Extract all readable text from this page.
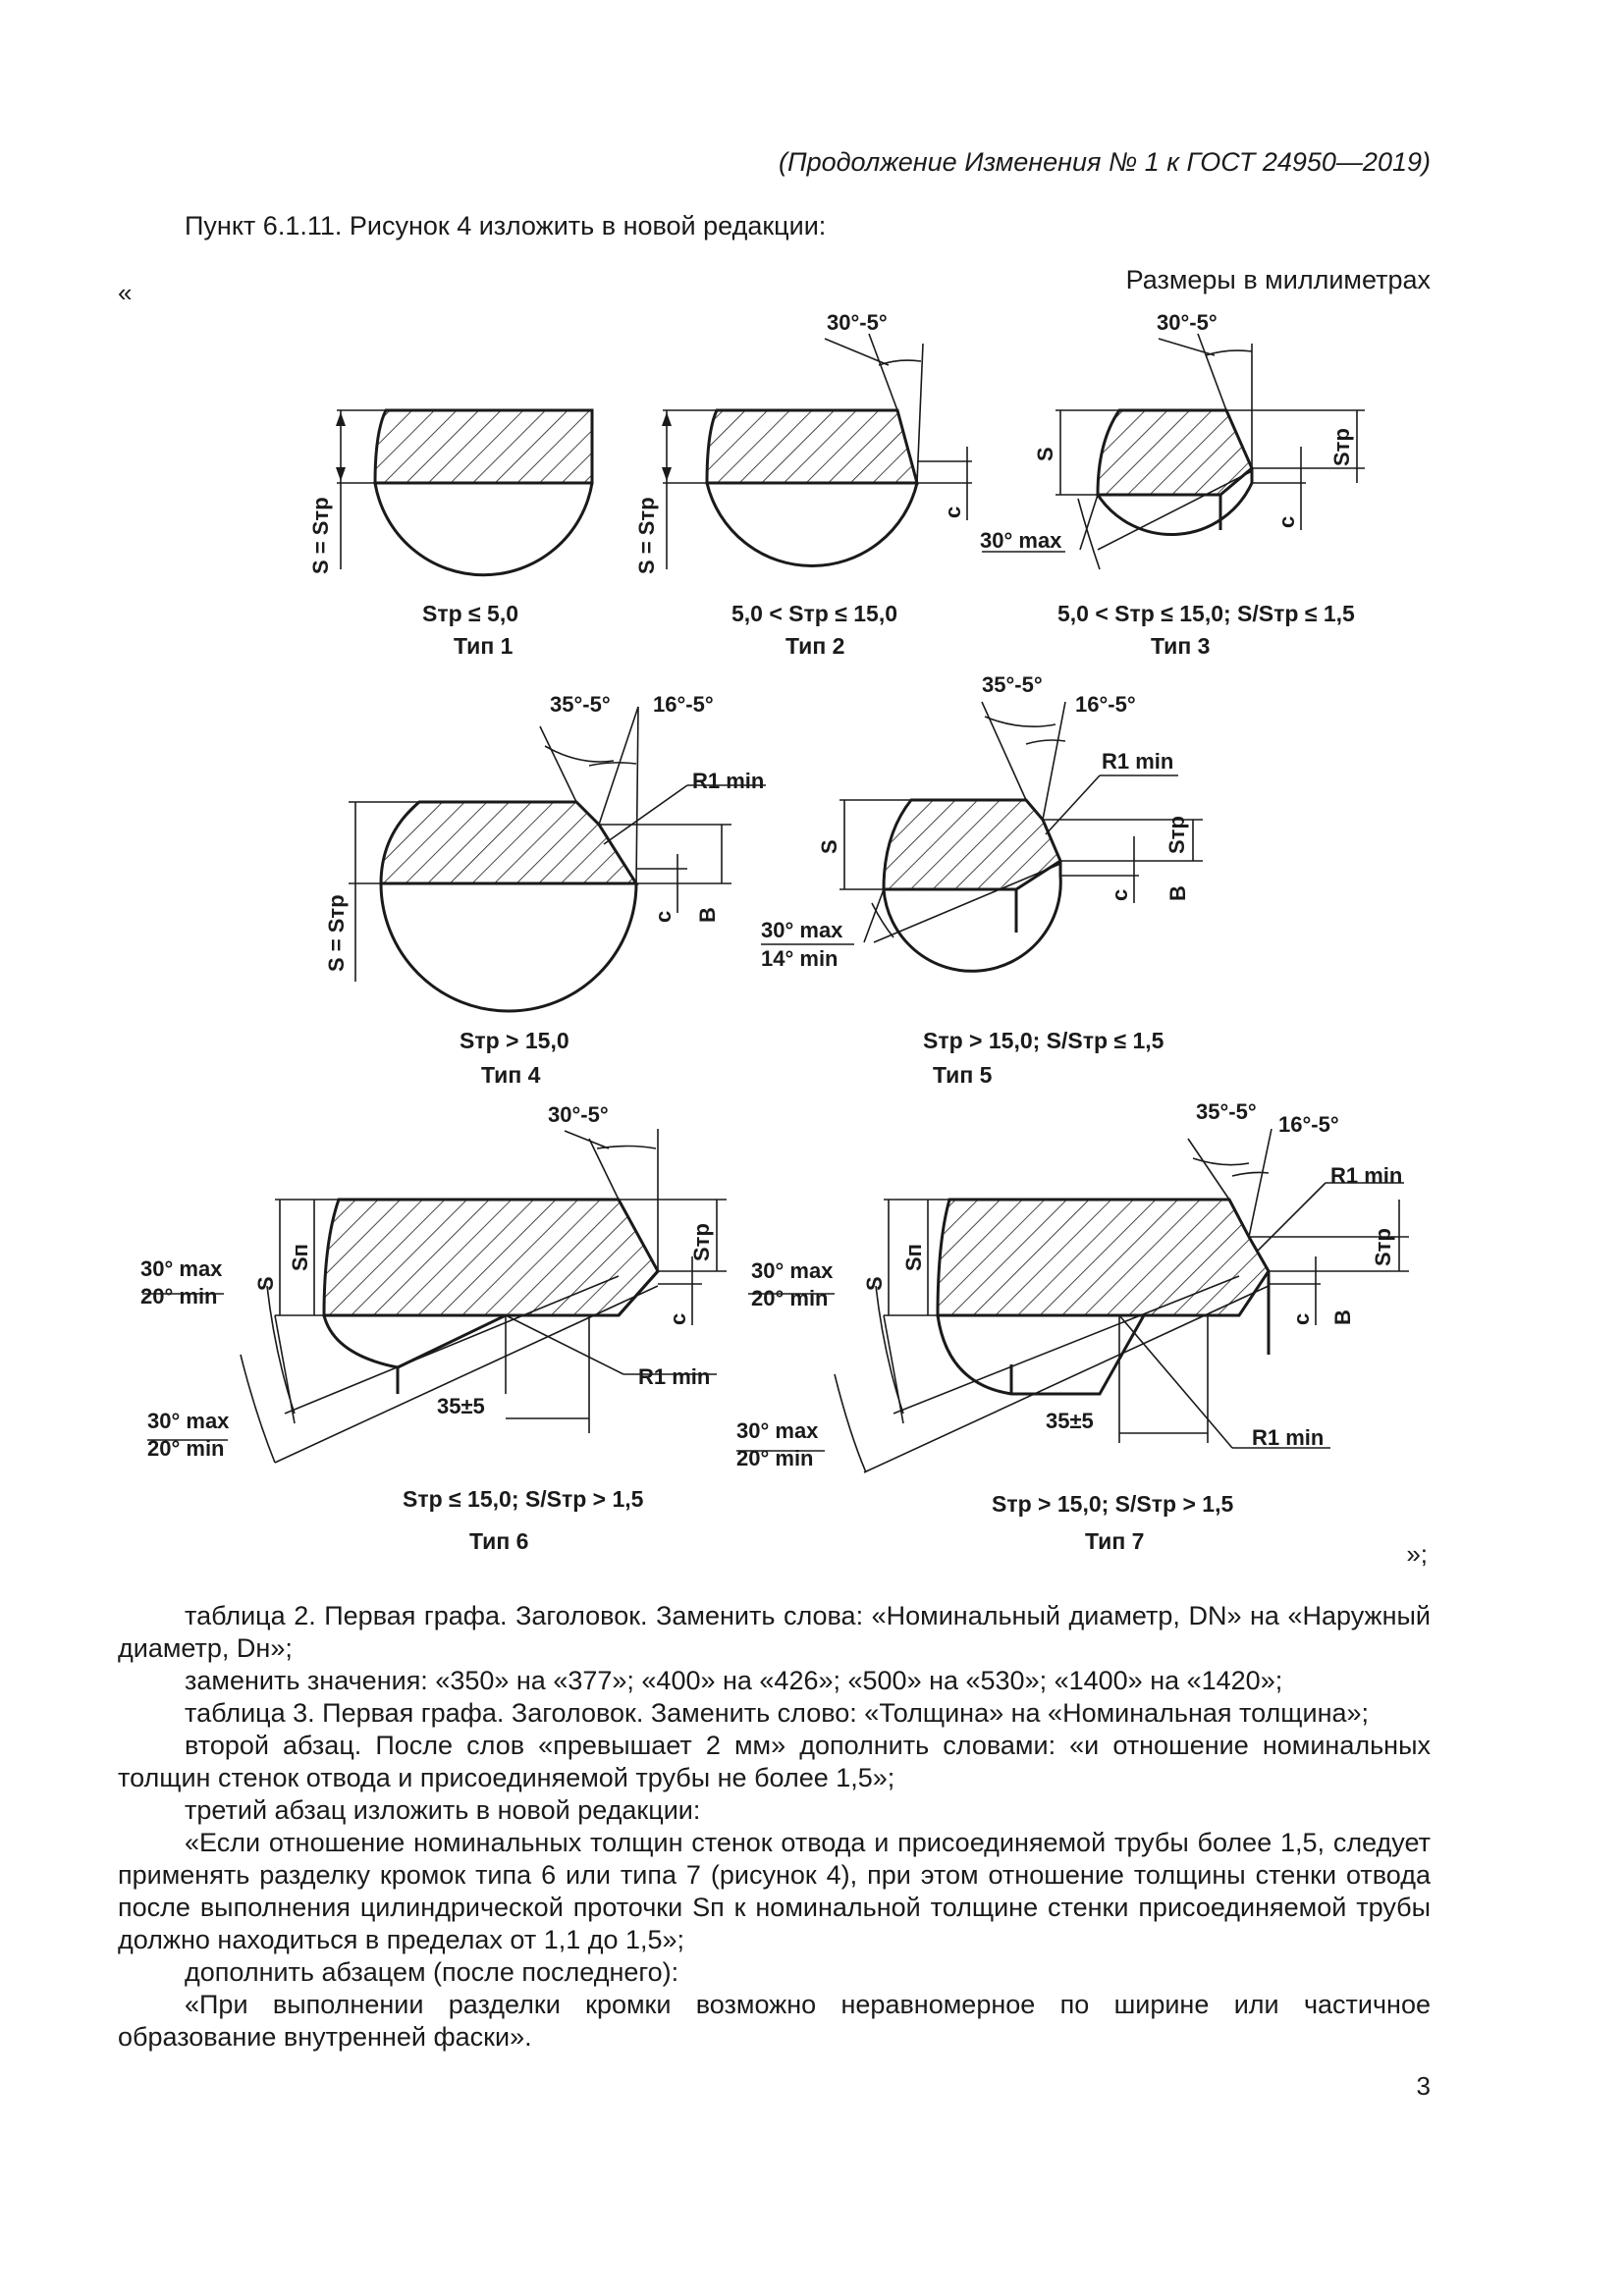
(Продолжение Изменения № 1 к ГОСТ 24950—2019)
Пункт 6.1.11. Рисунок 4 изложить в новой редакции:
«	Размеры в миллиметрах
S = Sтр
Sтр ≤ 5,0
Тип 1
30°-5°
c
S = Sтр
5,0 < Sтр ≤ 15,0
Тип 2
30°-5°
S	Sтр
c
30° max
5,0 < Sтр ≤ 15,0; S/Sтр ≤ 1,5
Тип 3
35°-5° 16°-5°
R1 min
c B
S = Sтр
Sтр > 15,0
Тип 4
35°-5°
16°-5°
R1 min
S	Sтр
c B
30° max
14° min
Sтр > 15,0; S/Sтр ≤ 1,5
Тип 5
30°-5°
S
Sп	Sтр
c
30° max
20° min
30° max
20° min
R1 min
35±5
Sтр ≤ 15,0; S/Sтр > 1,5
Тип 6
35°-5°
16°-5°
R1 min
S
Sп	Sтр
c B
30° max
20° min
30° max
20° min
R1 min
35±5
Sтр > 15,0; S/Sтр > 1,5
Тип 7	»;

таблица 2. Первая графа. Заголовок. Заменить слова: «Номинальный диаметр, DN» на «Наружный диаметр, Dн»;

заменить значения: «350» на «377»; «400» на «426»; «500» на «530»; «1400» на «1420»;

таблица 3. Первая графа. Заголовок. Заменить слово: «Толщина» на «Номинальная толщина»;

второй абзац. После слов «превышает 2 мм» дополнить словами: «и отношение номинальных толщин стенок отвода и присоединяемой трубы не более 1,5»;

третий абзац изложить в новой редакции:

«Если отношение номинальных толщин стенок отвода и присоединяемой трубы более 1,5, следует применять разделку кромок типа 6 или типа 7 (рисунок 4), при этом отношение толщины стенки отвода после выполнения цилиндрической проточки Sп к номинальной толщине стенки присоединяемой трубы должно находиться в пределах от 1,1 до 1,5»;

дополнить абзацем (после последнего):

«При выполнении разделки кромки возможно неравномерное по ширине или частичное образование внутренней фаски».

3
